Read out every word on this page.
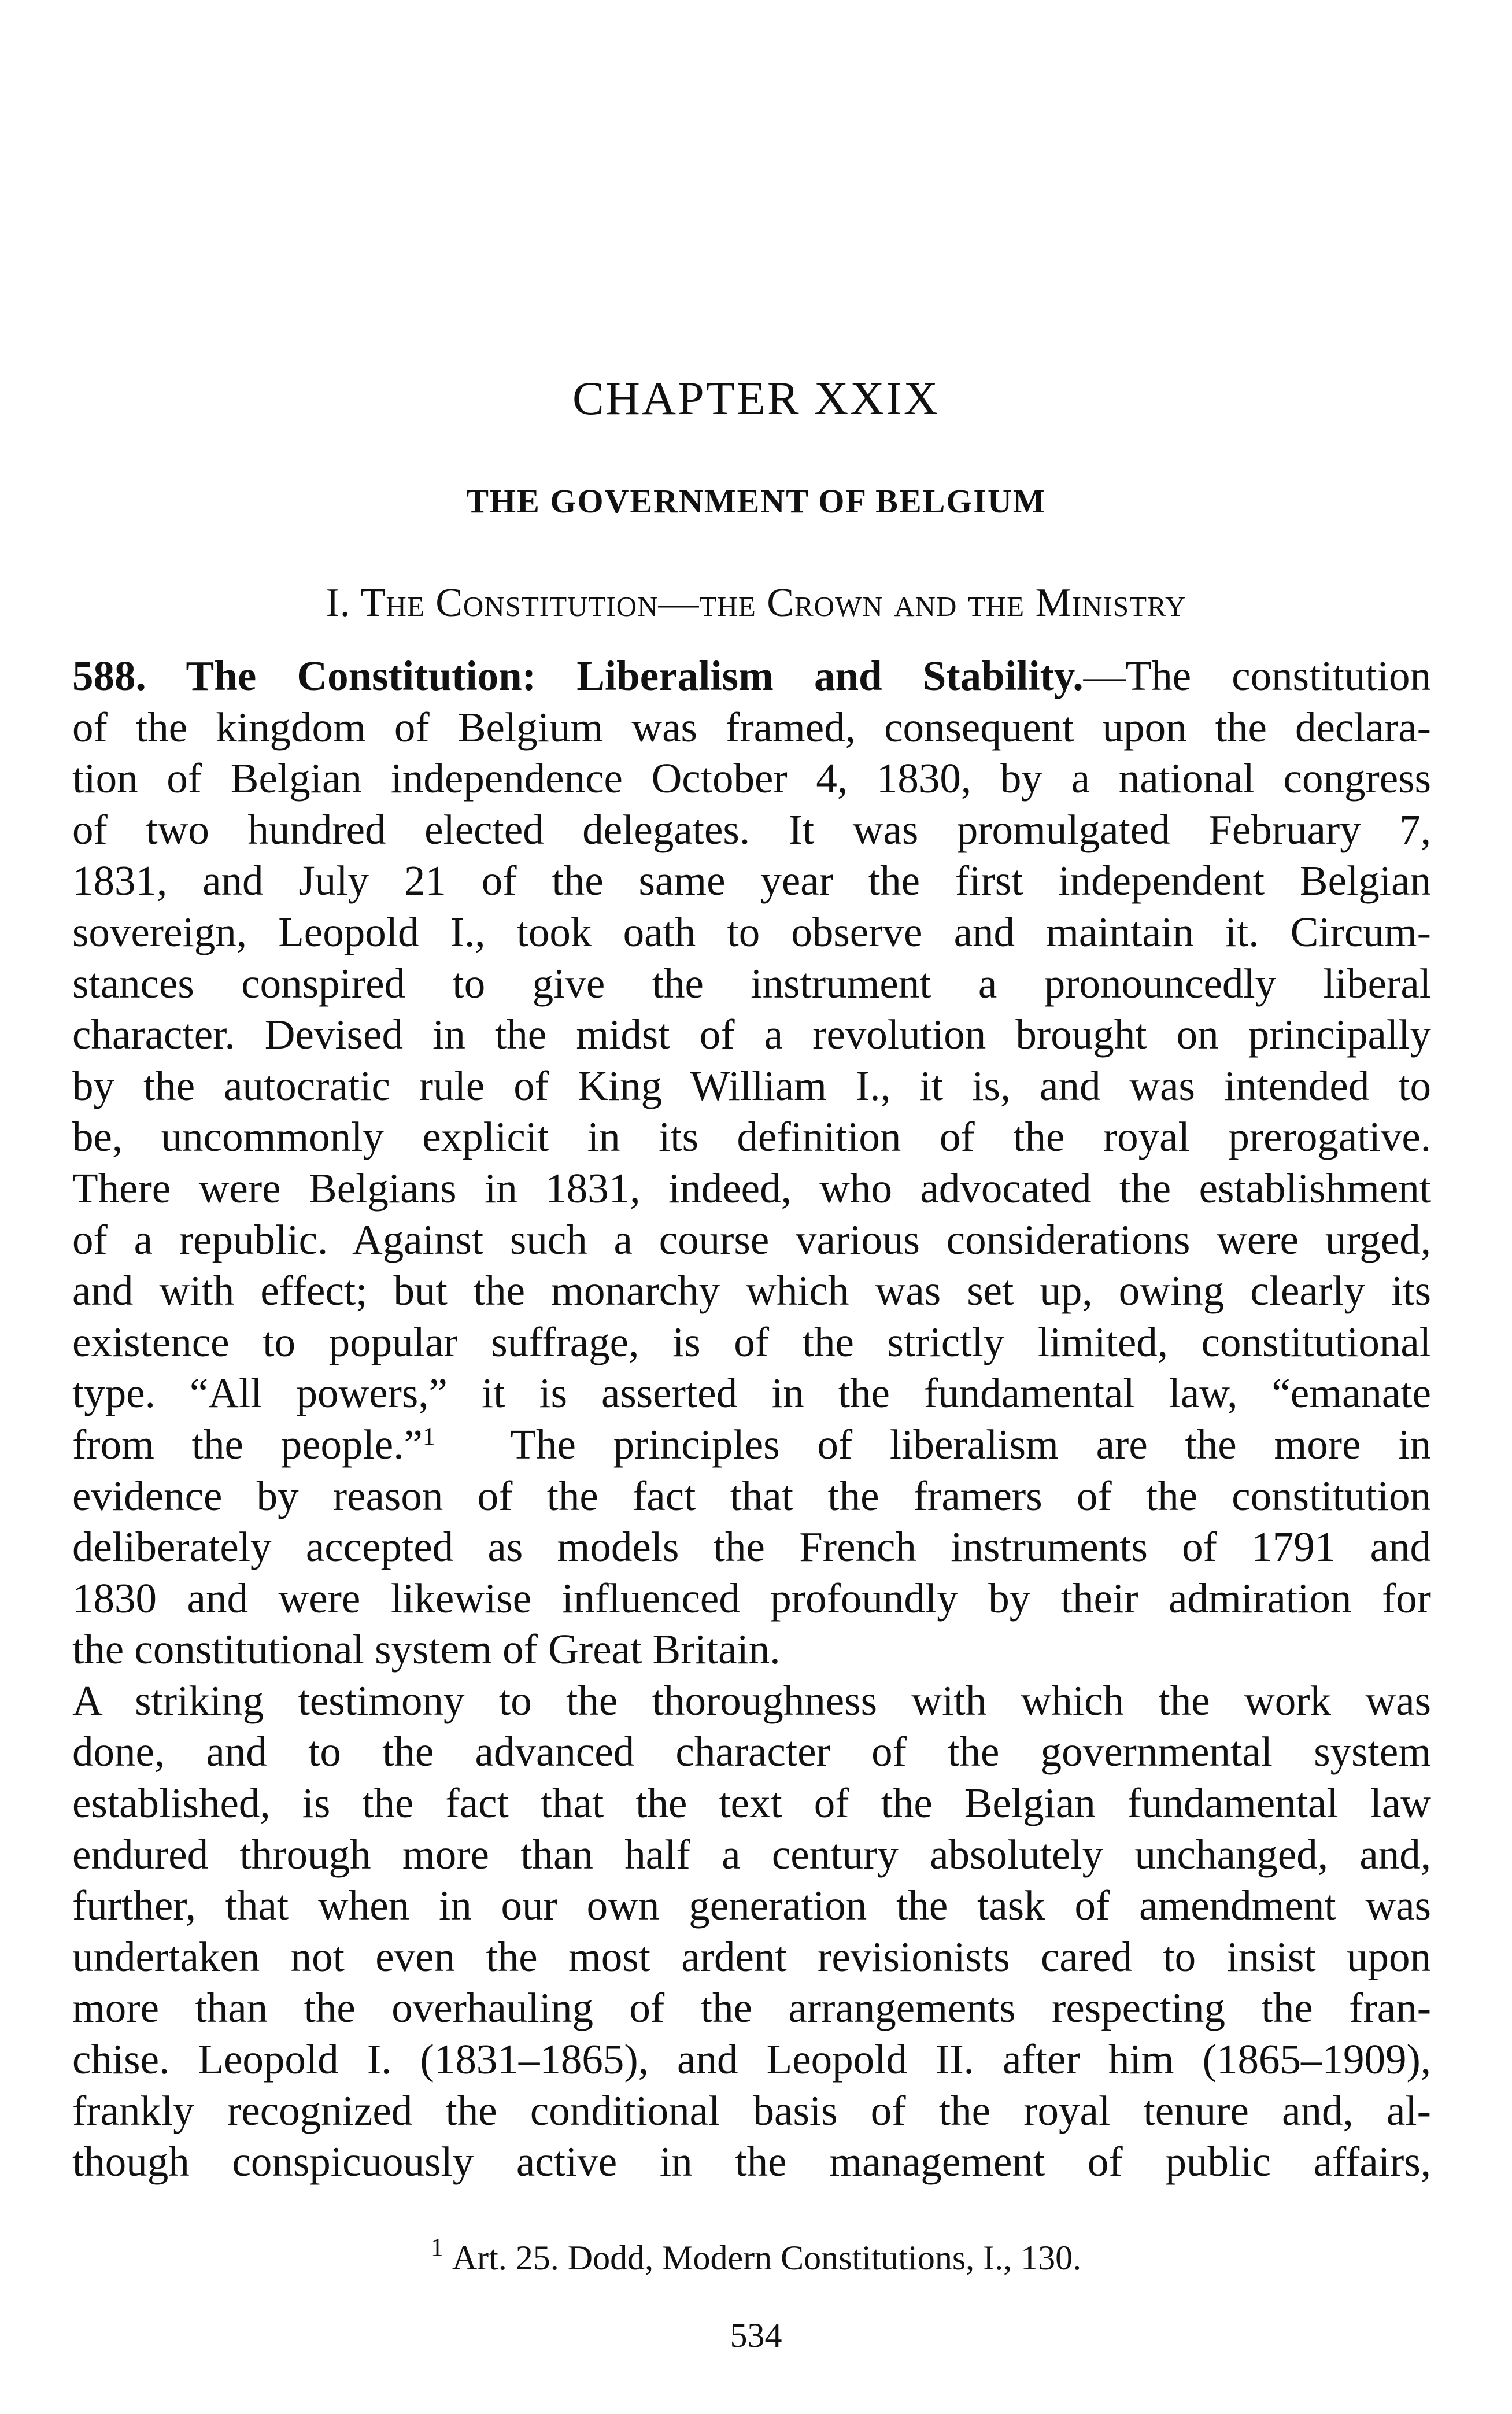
CHAPTER XXIX
THE GOVERNMENT OF BELGIUM
I. The Constitution—the Crown and the Ministry
588. The Constitution: Liberalism and Stability.—The constitution
of the kingdom of Belgium was framed, consequent upon the declara-
tion of Belgian independence October 4, 1830, by a national congress
of two hundred elected delegates. It was promulgated February 7,
1831, and July 21 of the same year the first independent Belgian
sovereign, Leopold I., took oath to observe and maintain it. Circum-
stances conspired to give the instrument a pronouncedly liberal
character. Devised in the midst of a revolution brought on principally
by the autocratic rule of King William I., it is, and was intended to
be, uncommonly explicit in its definition of the royal prerogative.
There were Belgians in 1831, indeed, who advocated the establishment
of a republic. Against such a course various considerations were urged,
and with effect; but the monarchy which was set up, owing clearly its
existence to popular suffrage, is of the strictly limited, constitutional
type. “All powers,” it is asserted in the fundamental law, “emanate
from the people.”$^1$ The principles of liberalism are the more in
evidence by reason of the fact that the framers of the constitution
deliberately accepted as models the French instruments of 1791 and
1830 and were likewise influenced profoundly by their admiration for
the constitutional system of Great Britain.
A striking testimony to the thoroughness with which the work was
done, and to the advanced character of the governmental system
established, is the fact that the text of the Belgian fundamental law
endured through more than half a century absolutely unchanged, and,
further, that when in our own generation the task of amendment was
undertaken not even the most ardent revisionists cared to insist upon
more than the overhauling of the arrangements respecting the fran-
chise. Leopold I. (1831–1865), and Leopold II. after him (1865–1909),
frankly recognized the conditional basis of the royal tenure and, al-
though conspicuously active in the management of public affairs,
$^1$ Art. 25. Dodd, Modern Constitutions, I., 130.
534
